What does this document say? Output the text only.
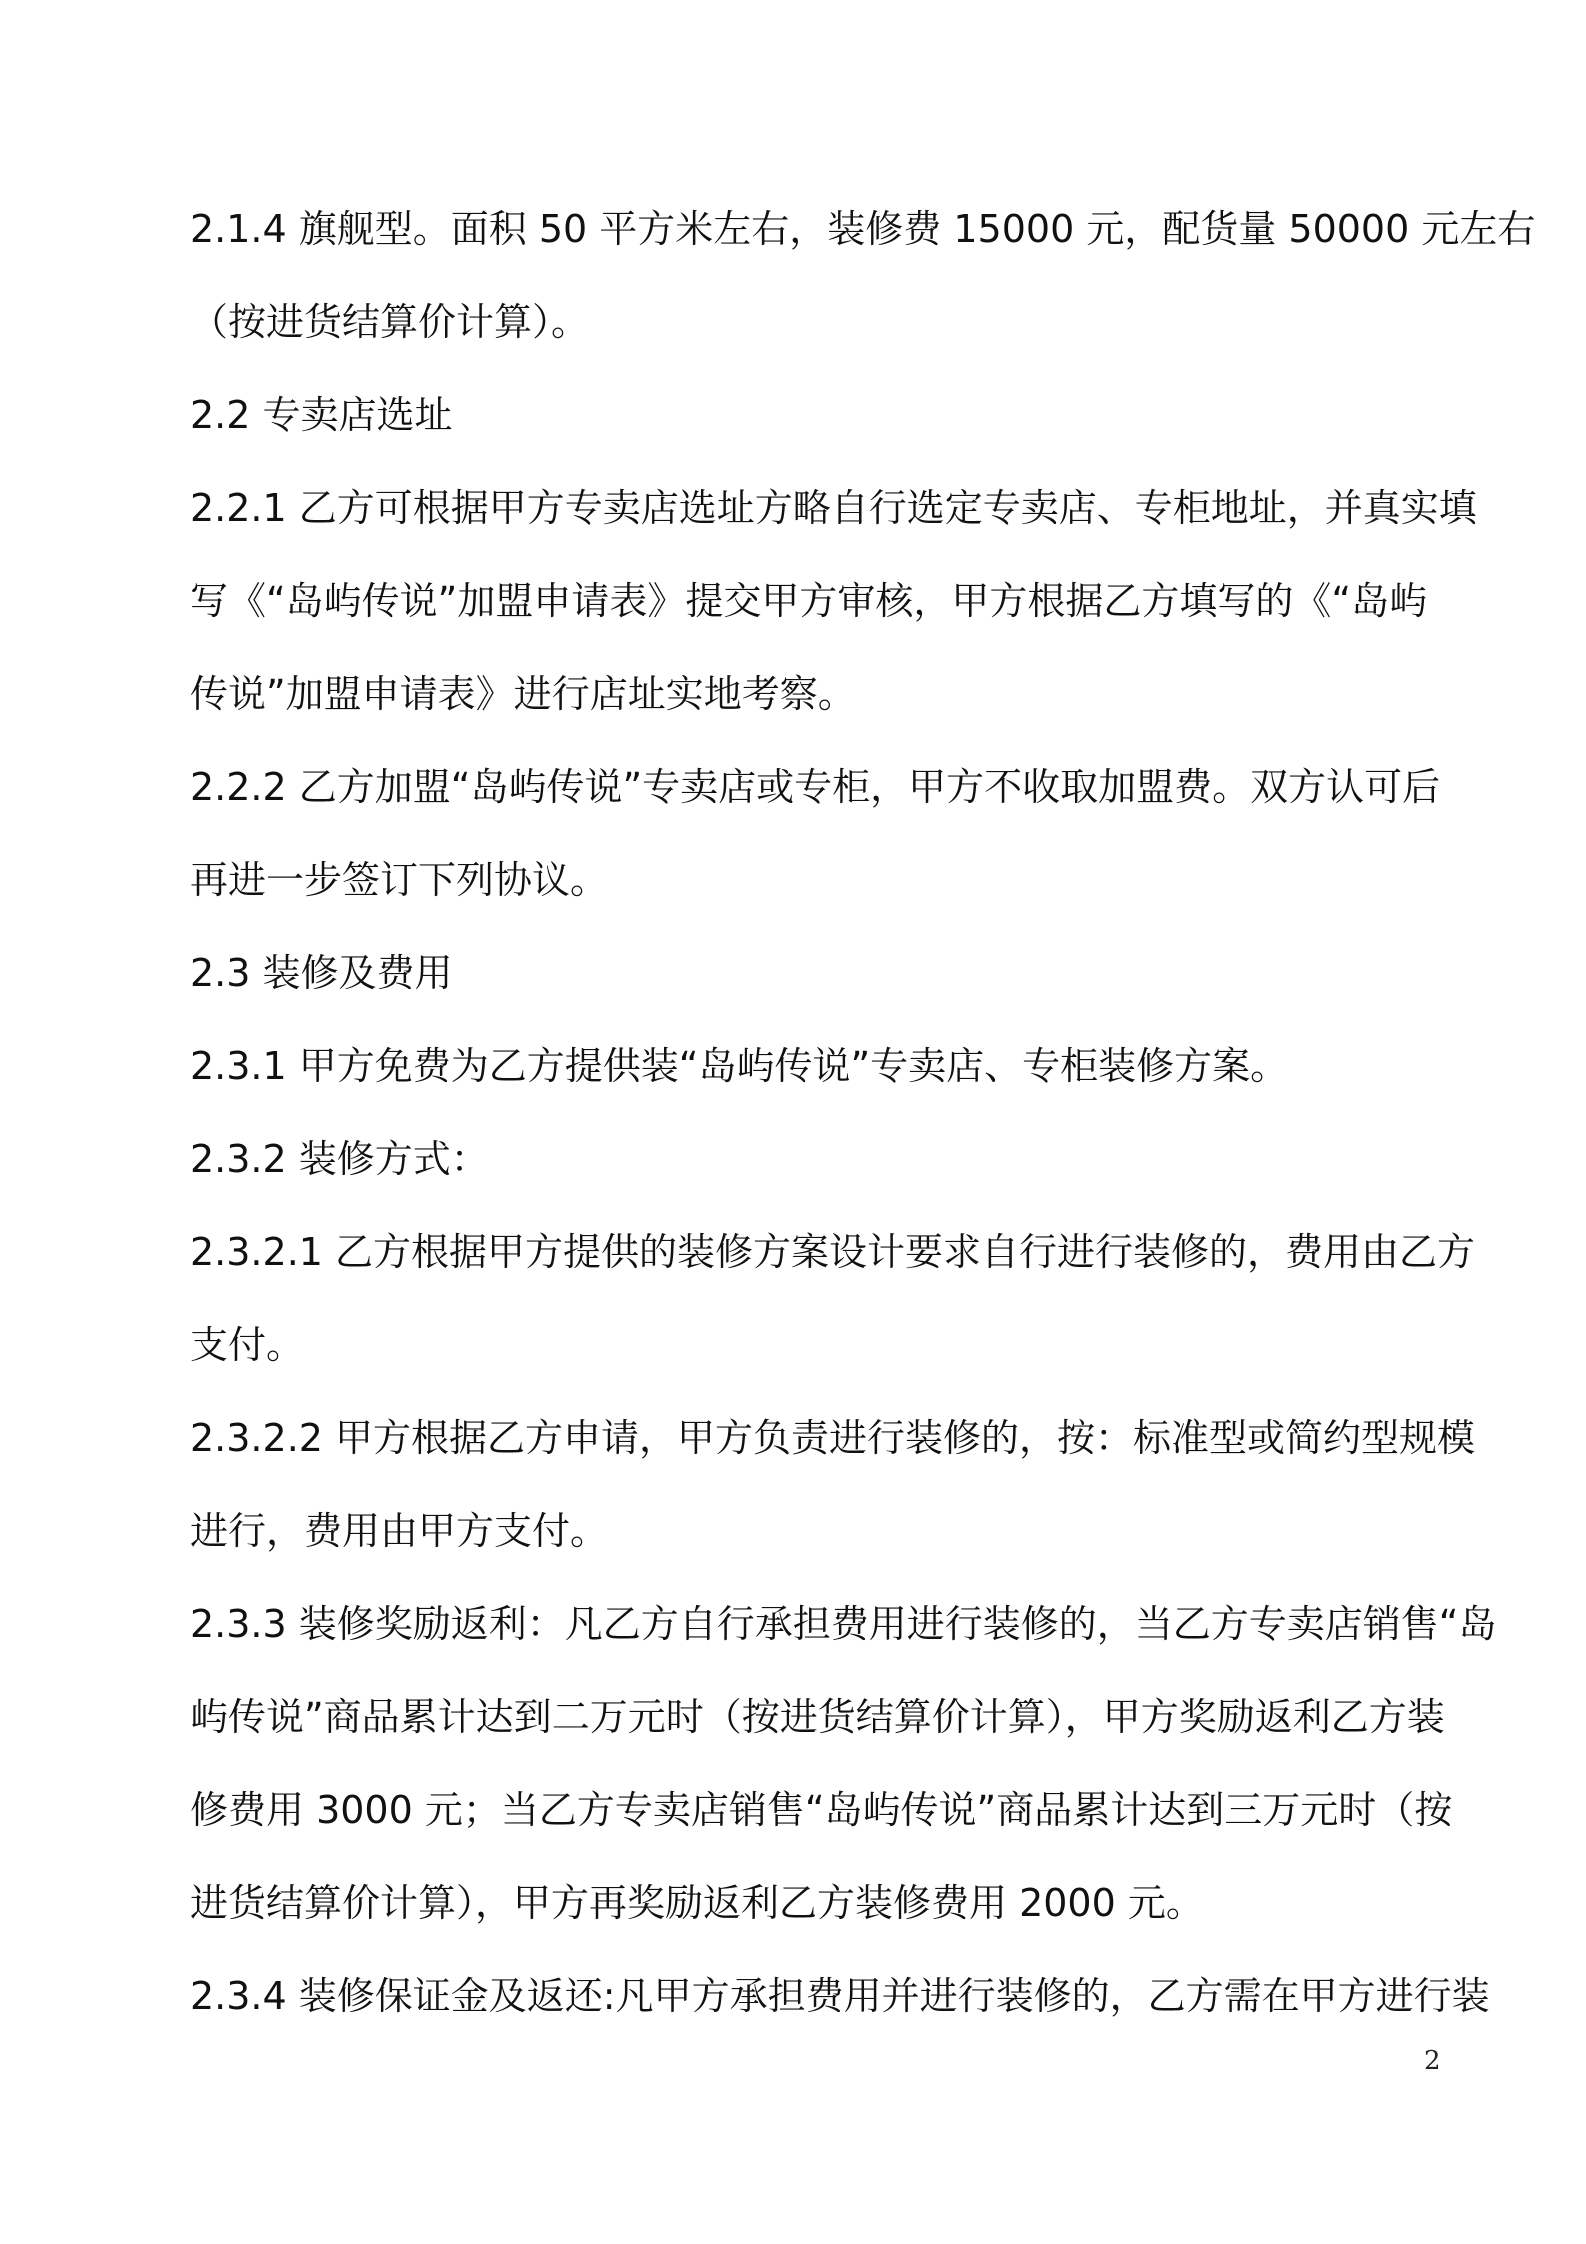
2.1.4 旗舰型。面积 50 平方米左右，装修费 15000 元，配货量 50000 元左右
（按进货结算价计算）。
2.2 专卖店选址
2.2.1 乙方可根据甲方专卖店选址方略自行选定专卖店、专柜地址，并真实填
写《“岛屿传说”加盟申请表》提交甲方审核，甲方根据乙方填写的《“岛屿
传说”加盟申请表》进行店址实地考察。
2.2.2 乙方加盟“岛屿传说”专卖店或专柜，甲方不收取加盟费。双方认可后
再进一步签订下列协议。
2.3 装修及费用
2.3.1 甲方免费为乙方提供装“岛屿传说”专卖店、专柜装修方案。
2.3.2 装修方式：
2.3.2.1 乙方根据甲方提供的装修方案设计要求自行进行装修的，费用由乙方
支付。
2.3.2.2 甲方根据乙方申请，甲方负责进行装修的，按：标准型或简约型规模
进行，费用由甲方支付。
2.3.3 装修奖励返利：凡乙方自行承担费用进行装修的，当乙方专卖店销售“岛
屿传说”商品累计达到二万元时（按进货结算价计算），甲方奖励返利乙方装
修费用 3000 元；当乙方专卖店销售“岛屿传说”商品累计达到三万元时（按
进货结算价计算），甲方再奖励返利乙方装修费用 2000 元。
2.3.4 装修保证金及返还:凡甲方承担费用并进行装修的，乙方需在甲方进行装
2
